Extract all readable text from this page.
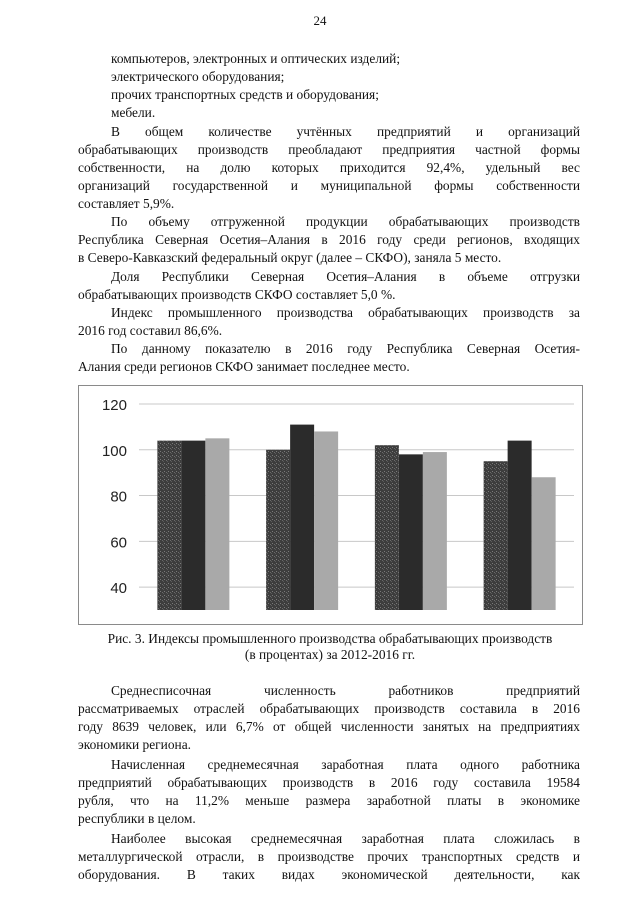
24
компьютеров, электронных и оптических изделий;
электрического оборудования;
прочих транспортных средств и оборудования;
мебели.
В общем количестве учтённых предприятий и организаций
обрабатывающих производств преобладают предприятия частной формы
собственности, на долю которых приходится 92,4%, удельный вес
организаций государственной и муниципальной формы собственности
составляет 5,9%.
По объему отгруженной продукции обрабатывающих производств
Республика Северная Осетия–Алания в 2016 году среди регионов, входящих
в Северо-Кавказский федеральный округ (далее – СКФО), заняла 5 место.
Доля Республики Северная Осетия–Алания в объеме отгрузки
обрабатывающих производств СКФО составляет 5,0 %.
Индекс промышленного производства обрабатывающих производств за
2016 год составил 86,6%.
По данному показателю в 2016 году Республика Северная Осетия-
Алания среди регионов СКФО занимает последнее место.
40
60
80
100
120
Рис. 3. Индексы промышленного производства обрабатывающих производств
(в процентах) за 2012-2016 гг.
Среднесписочная численность работников предприятий
рассматриваемых отраслей обрабатывающих производств составила в 2016
году 8639 человек, или 6,7% от общей численности занятых на предприятиях
экономики региона.
Начисленная среднемесячная заработная плата одного работника
предприятий обрабатывающих производств в 2016 году составила 19584
рубля, что на 11,2% меньше размера заработной платы в экономике
республики в целом.
Наиболее высокая среднемесячная заработная плата сложилась в
металлургической отрасли, в производстве прочих транспортных средств и
оборудования. В таких видах экономической деятельности, как
